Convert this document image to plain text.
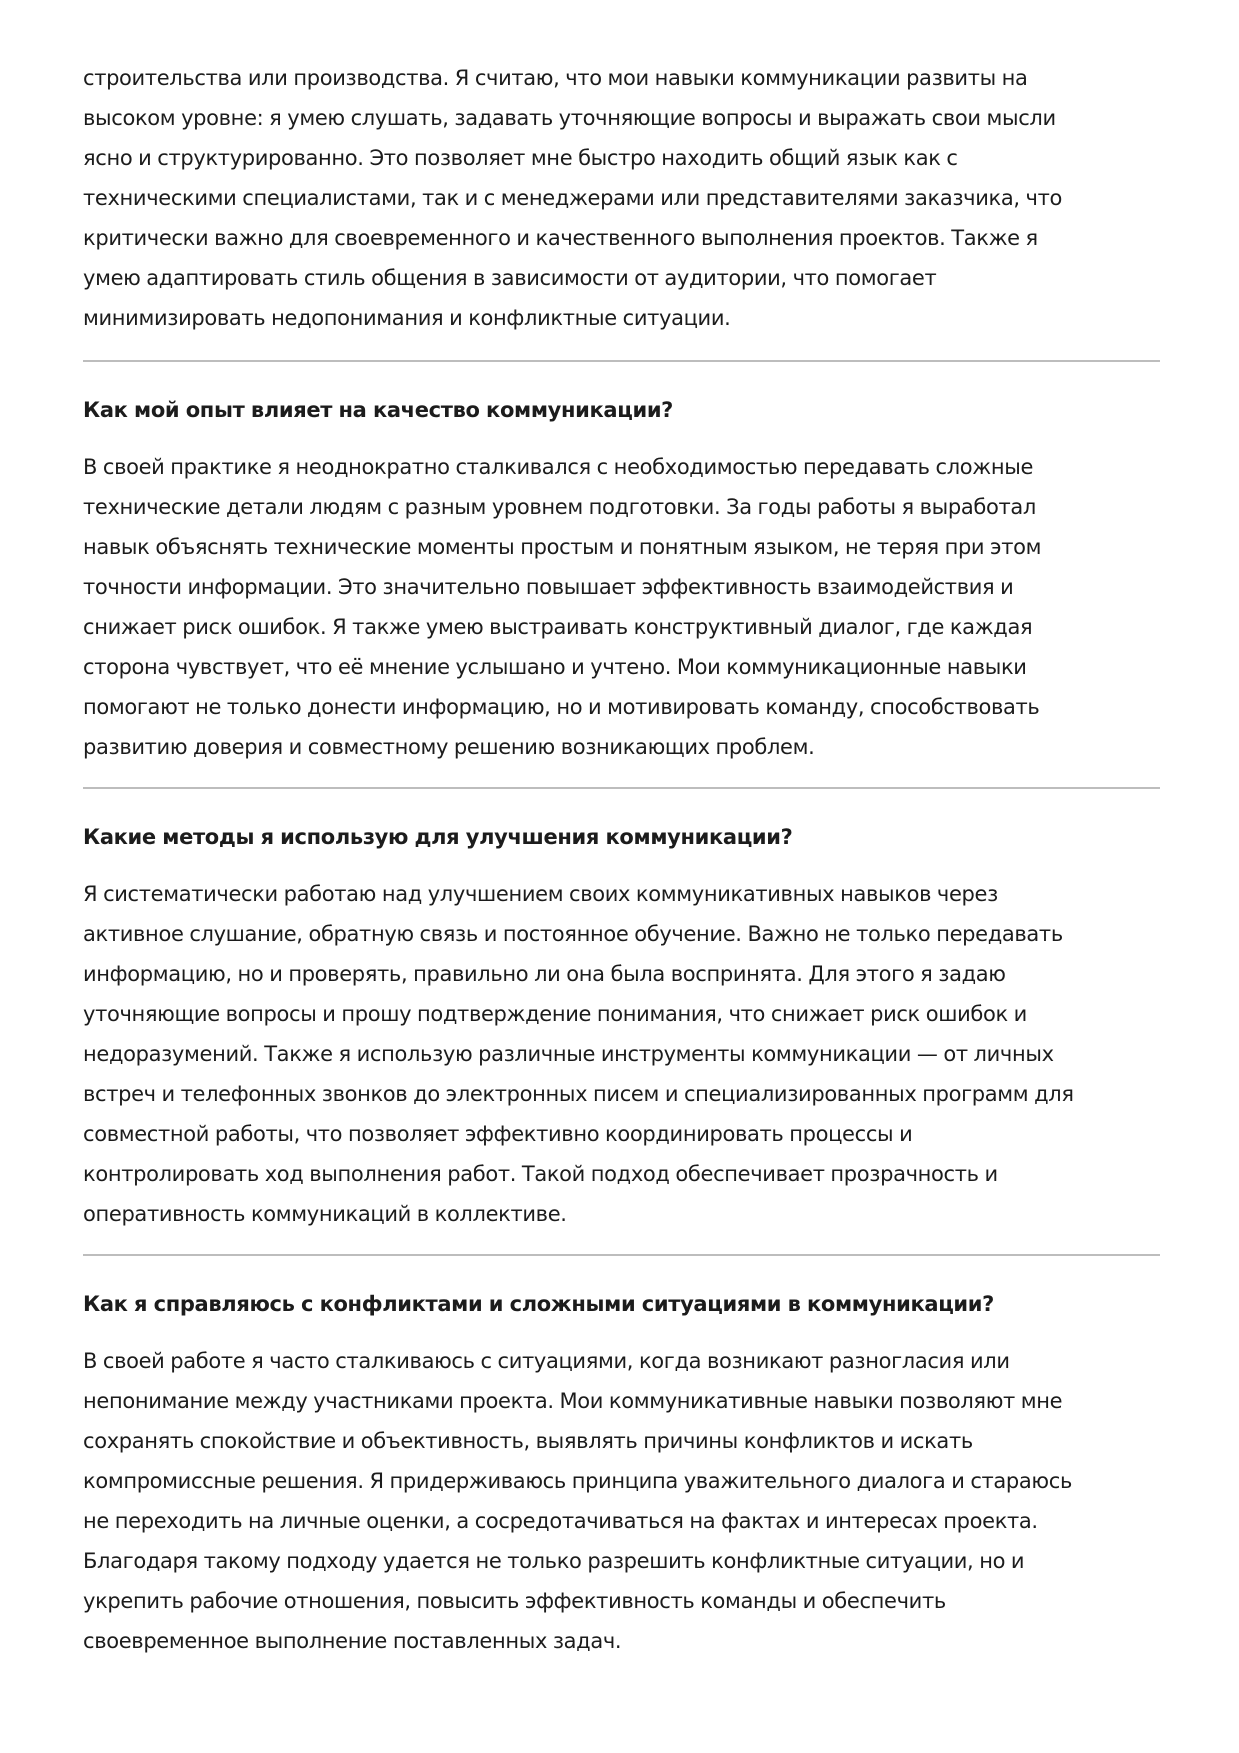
строительства или производства. Я считаю, что мои навыки коммуникации развиты на
высоком уровне: я умею слушать, задавать уточняющие вопросы и выражать свои мысли
ясно и структурированно. Это позволяет мне быстро находить общий язык как с
техническими специалистами, так и с менеджерами или представителями заказчика, что
критически важно для своевременного и качественного выполнения проектов. Также я
умею адаптировать стиль общения в зависимости от аудитории, что помогает
минимизировать недопонимания и конфликтные ситуации.

Как мой опыт влияет на качество коммуникации?

В своей практике я неоднократно сталкивался с необходимостью передавать сложные
технические детали людям с разным уровнем подготовки. За годы работы я выработал
навык объяснять технические моменты простым и понятным языком, не теряя при этом
точности информации. Это значительно повышает эффективность взаимодействия и
снижает риск ошибок. Я также умею выстраивать конструктивный диалог, где каждая
сторона чувствует, что её мнение услышано и учтено. Мои коммуникационные навыки
помогают не только донести информацию, но и мотивировать команду, способствовать
развитию доверия и совместному решению возникающих проблем.

Какие методы я использую для улучшения коммуникации?

Я систематически работаю над улучшением своих коммуникативных навыков через
активное слушание, обратную связь и постоянное обучение. Важно не только передавать
информацию, но и проверять, правильно ли она была воспринята. Для этого я задаю
уточняющие вопросы и прошу подтверждение понимания, что снижает риск ошибок и
недоразумений. Также я использую различные инструменты коммуникации — от личных
встреч и телефонных звонков до электронных писем и специализированных программ для
совместной работы, что позволяет эффективно координировать процессы и
контролировать ход выполнения работ. Такой подход обеспечивает прозрачность и
оперативность коммуникаций в коллективе.

Как я справляюсь с конфликтами и сложными ситуациями в коммуникации?

В своей работе я часто сталкиваюсь с ситуациями, когда возникают разногласия или
непонимание между участниками проекта. Мои коммуникативные навыки позволяют мне
сохранять спокойствие и объективность, выявлять причины конфликтов и искать
компромиссные решения. Я придерживаюсь принципа уважительного диалога и стараюсь
не переходить на личные оценки, а сосредотачиваться на фактах и интересах проекта.
Благодаря такому подходу удается не только разрешить конфликтные ситуации, но и
укрепить рабочие отношения, повысить эффективность команды и обеспечить
своевременное выполнение поставленных задач.
